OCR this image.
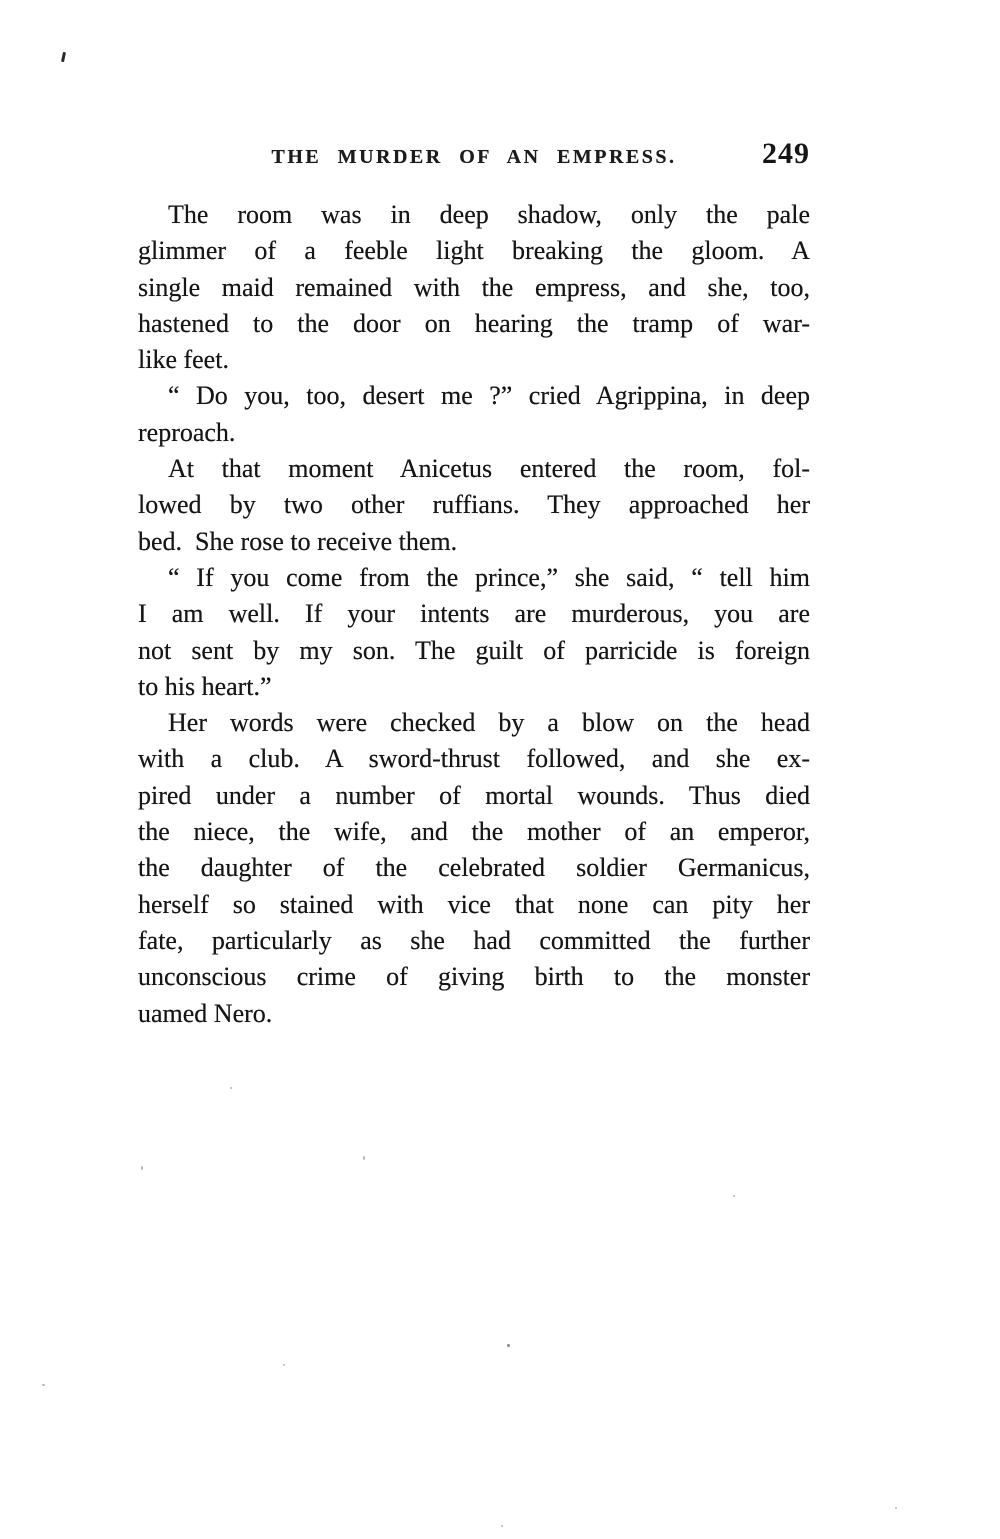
THE MURDER OF AN EMPRESS.	249
The room was in deep shadow, only the pale
glimmer of a feeble light breaking the gloom. A
single maid remained with the empress, and she, too,
hastened to the door on hearing the tramp of war-
like feet.
“ Do you, too, desert me ?” cried Agrippina, in deep
reproach.
At that moment Anicetus entered the room, fol-
lowed by two other ruffians. They approached her
bed.  She rose to receive them.
“ If you come from the prince,” she said, “ tell him
I am well. If your intents are murderous, you are
not sent by my son. The guilt of parricide is foreign
to his heart.”
Her words were checked by a blow on the head
with a club. A sword-thrust followed, and she ex-
pired under a number of mortal wounds. Thus died
the niece, the wife, and the mother of an emperor,
the daughter of the celebrated soldier Germanicus,
herself so stained with vice that none can pity her
fate, particularly as she had committed the further
unconscious crime of giving birth to the monster
uamed Nero.
